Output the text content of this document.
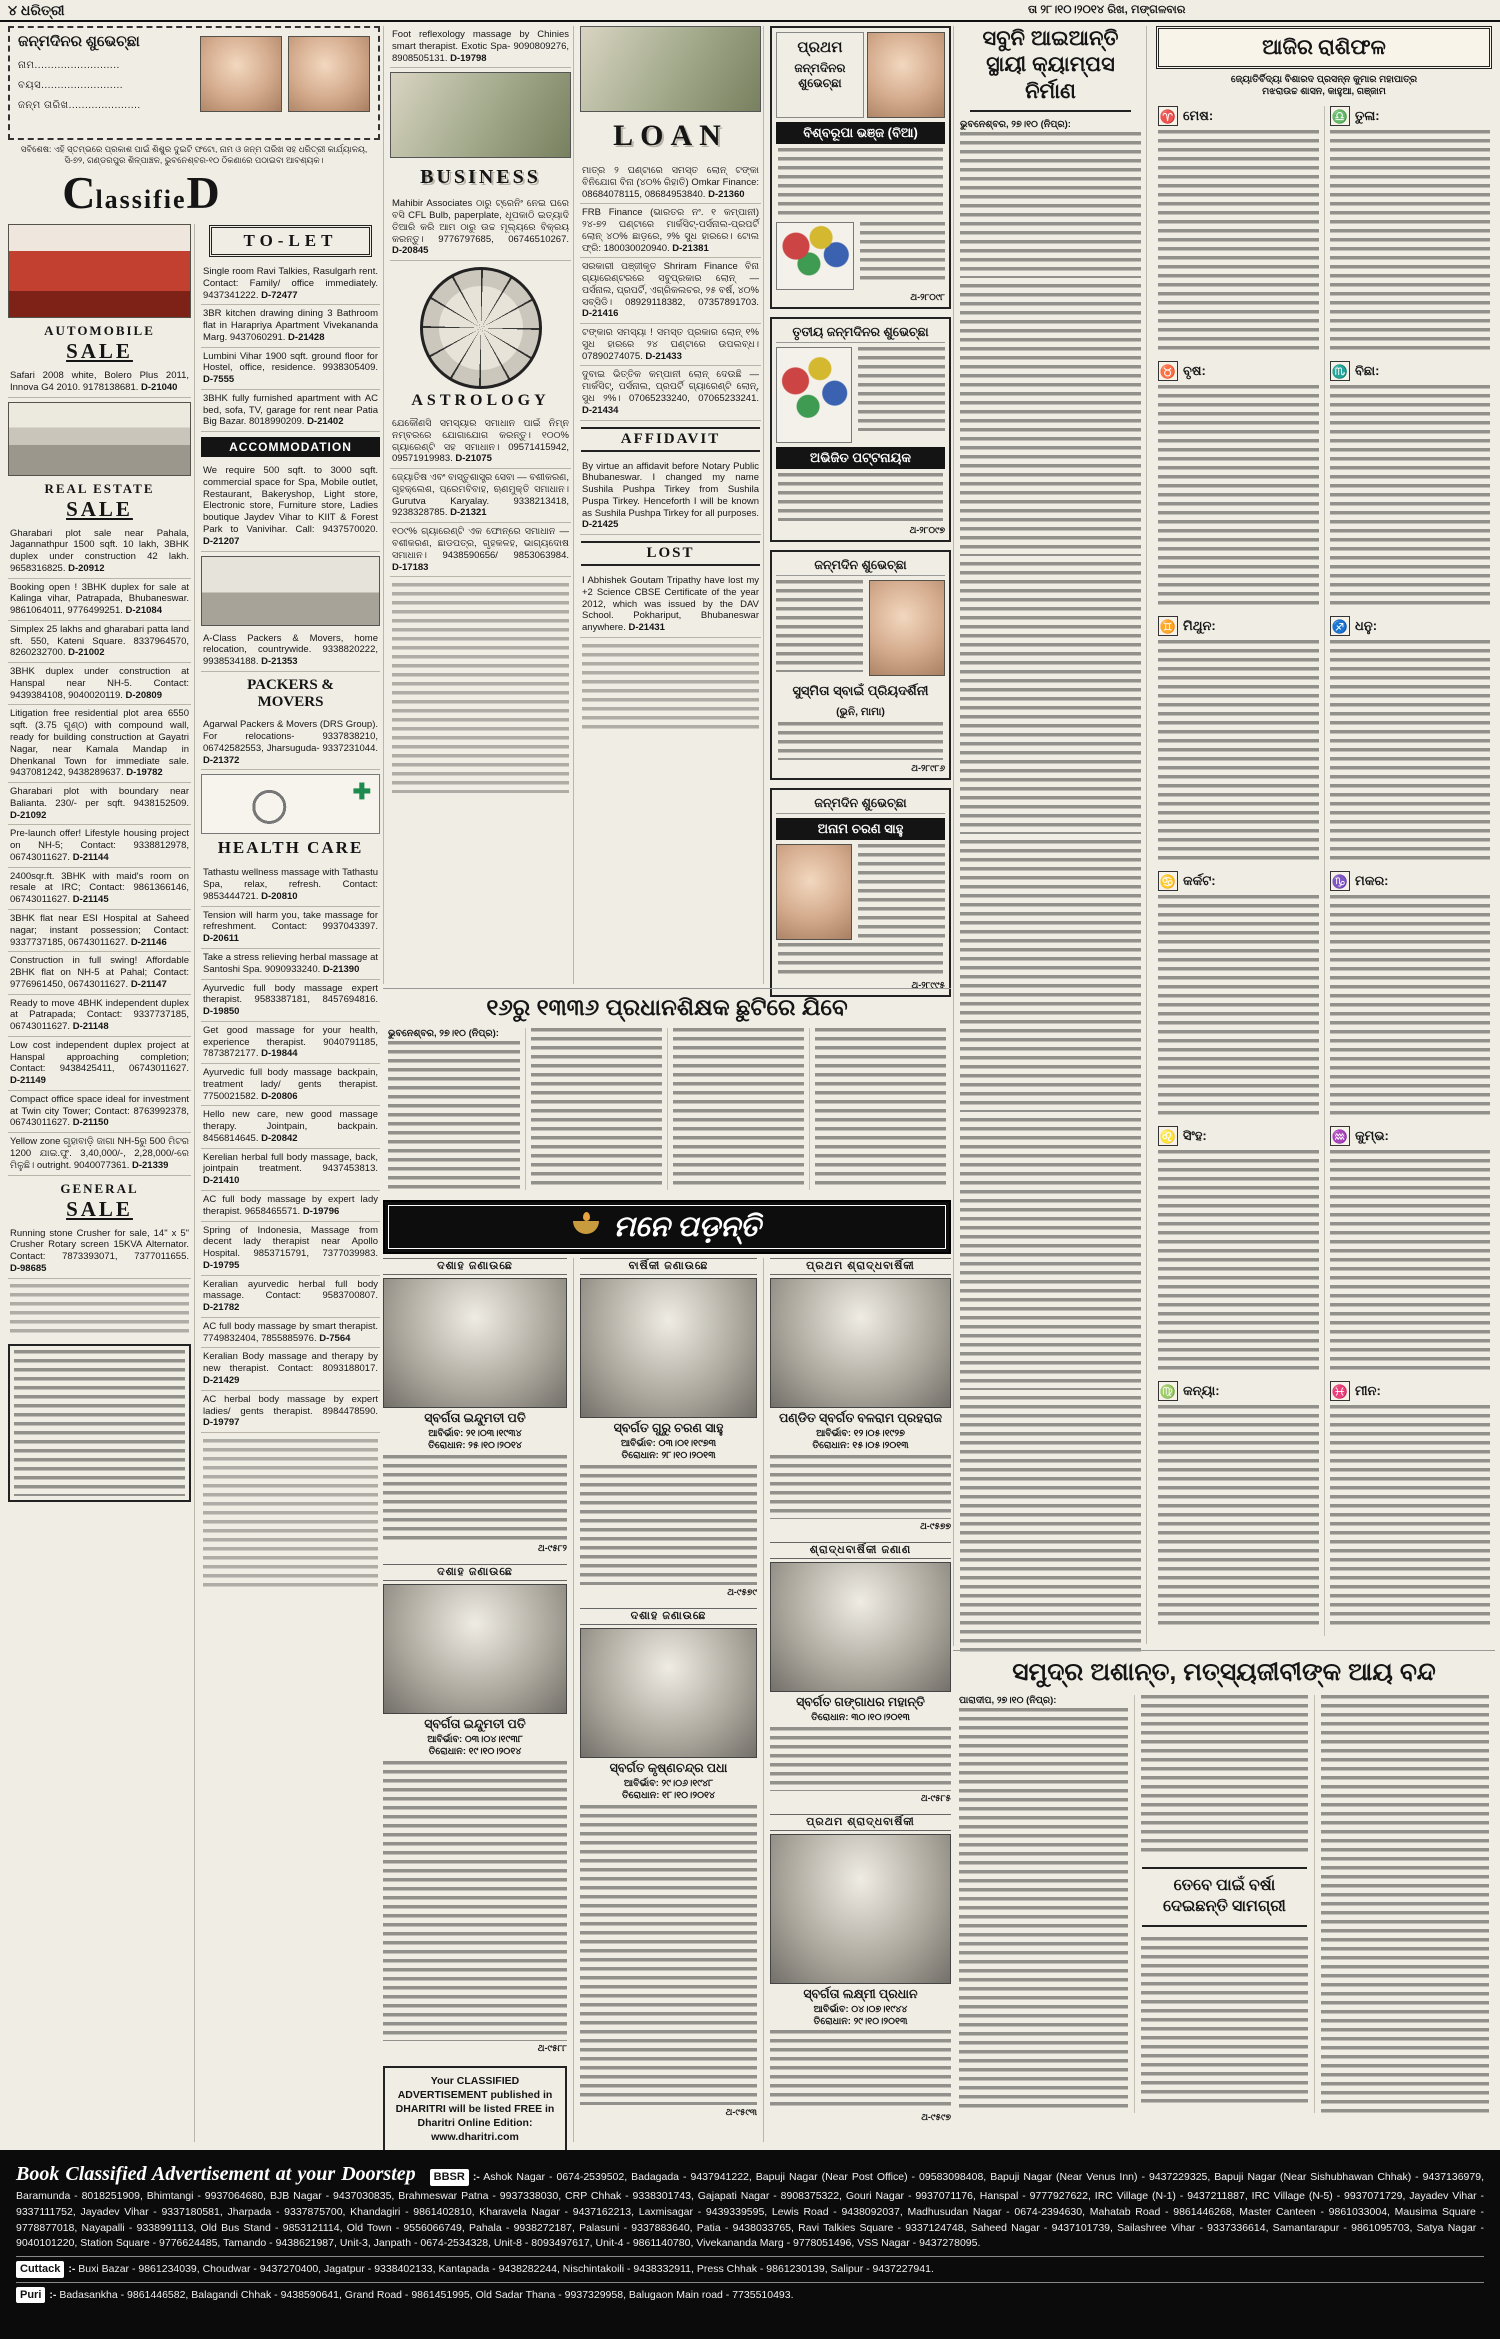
୪ ଧରିତ୍ରୀ	ତା ୨୮।୧୦।୨୦୧୪ ରିଖ, ମଙ୍ଗଳବାର
ଜନ୍ମଦିନର ଶୁଭେଚ୍ଛା
ନାମ..........................
ବୟସ.........................
ଜନ୍ମ ତାରିଖ......................
ସବିଶେଷ: ଏହି ସ୍ତମ୍ଭରେ ପ୍ରକାଶ ପାଇଁ ଶିଶୁର ଦୁଇଟି ଫଟୋ, ନାମ ଓ ଜନ୍ମ ତାରିଖ ସହ ଧରିତ୍ରୀ କାର୍ଯ୍ୟାଳୟ,
ସି-୭୨, ଗଣ୍ଡରପୁର ଶିଳ୍ପାଞ୍ଚଳ, ଭୁବନେଶ୍ବର-୧୦ ଠିକଣାରେ ପଠାଇବା ଆବଶ୍ୟକ।
C lassifie D
AUTOMOBILE
SALE

Safari 2008 white, Bolero Plus 2011, Innova G4 2010. 9178138681. D-21040

REAL ESTATE
SALE

Gharabari plot sale near Pahala, Jagannathpur 1500 sqft. 10 lakh, 3BHK duplex under construction 42 lakh. 9658316825. D-20912

Booking open ! 3BHK duplex for sale at Kalinga vihar, Patrapada, Bhubaneswar. 9861064011, 9776499251. D-21084

Simplex 25 lakhs and gharabari patta land sft. 550, Kateni Square. 8337964570, 8260232700. D-21002

3BHK duplex under construction at Hanspal near NH-5. Contact: 9439384108, 9040020119. D-20809

Litigation free residential plot area 6550 sqft. (3.75 ଗୁଣ୍ଠ) with compound wall, ready for building construction at Gayatri Nagar, near Kamala Mandap in Dhenkanal Town for immediate sale. 9437081242, 9438289637. D-19782

Gharabari plot with boundary near Balianta. 230/- per sqft. 9438152509. D-21092

Pre-launch offer! Lifestyle housing project on NH-5; Contact: 9338812978, 06743011627. D-21144

2400sqr.ft. 3BHK with maid's room on resale at IRC; Contact: 9861366146, 06743011627. D-21145

3BHK flat near ESI Hospital at Saheed nagar; instant possession; Contact: 9337737185, 06743011627. D-21146

Construction in full swing! Affordable 2BHK flat on NH-5 at Pahal; Contact: 9776961450, 06743011627. D-21147

Ready to move 4BHK independent duplex at Patrapada; Contact: 9337737185, 06743011627. D-21148

Low cost independent duplex project at Hanspal approaching completion; Contact: 9438425411, 06743011627. D-21149

Compact office space ideal for investment at Twin city Tower; Contact: 8763992378, 06743011627. D-21150

Yellow zone ଗୃହାବାଡ଼ି ଜାଗା NH-5ରୁ 500 ମିଟର 1200 ଯାଇ.ଫୁ. 3,40,000/-, 2,28,000/-ରେ ମିଳୁଛି। outright. 9040077361. D-21339

GENERAL
SALE

Running stone Crusher for sale, 14" x 5" Crusher Rotary screen 15KVA Alternator. Contact: 7873393071, 7377011655. D-98685

TO-LET

Single room Ravi Talkies, Rasulgarh rent. Contact: Family/ office immediately. 9437341222. D-72477

3BR kitchen drawing dining 3 Bathroom flat in Harapriya Apartment Vivekananda Marg. 9437060291. D-21428

Lumbini Vihar 1900 sqft. ground floor for Hostel, office, residence. 9938305409. D-7555

3BHK fully furnished apartment with AC bed, sofa, TV, garage for rent near Patia Big Bazar. 8018990209. D-21402

ACCOMMODATION

We require 500 sqft. to 3000 sqft. commercial space for Spa, Mobile outlet, Restaurant, Bakeryshop, Light store, Electronic store, Furniture store, Ladies boutique Jaydev Vihar to KIIT & Forest Park to Vanivihar. Call: 9437570020. D-21207

A-Class Packers & Movers, home relocation, countrywide. 9338820222, 9938534188. D-21353

PACKERS &
MOVERS

Agarwal Packers & Movers (DRS Group). For relocations- 9337838210, 06742582553, Jharsuguda- 9337231044. D-21372

✚
HEALTH CARE

Tathastu wellness massage with Tathastu Spa, relax, refresh. Contact: 9853444721. D-20810

Tension will harm you, take massage for refreshment. Contact: 9937043397. D-20611

Take a stress relieving herbal massage at Santoshi Spa. 9090933240. D-21390

Ayurvedic full body massage expert therapist. 9583387181, 8457694816. D-19850

Get good massage for your health, experience therapist. 9040791185, 7873872177. D-19844

Ayurvedic full body massage backpain, treatment lady/ gents therapist. 7750021582. D-20806

Hello new care, new good massage therapy. Jointpain, backpain. 8456814645. D-20842

Kerelian herbal full body massage, back, jointpain treatment. 9437453813. D-21410

AC full body massage by expert lady therapist. 9658465571. D-19796

Spring of Indonesia, Massage from decent lady therapist near Apollo Hospital. 9853715791, 7377039983. D-19795

Keralian ayurvedic herbal full body massage. Contact: 9583700807. D-21782

AC full body massage by smart therapist. 7749832404, 7855885976. D-7564

Keralian Body massage and therapy by new therapist. Contact: 8093188017. D-21429

AC herbal body massage by expert ladies/ gents therapist. 8984478590. D-19797

Foot reflexology massage by Chinies smart therapist. Exotic Spa- 9090809276, 8908505131. D-19798

BUSINESS

Mahibir Associates ଠାରୁ ଟ୍ରେନିଂ ନେଇ ଘରେ ବସି CFL Bulb, paperplate, ଧୂପକାଠି ଇତ୍ୟାଦି ତିଆରି କରି ଆମ ଠାରୁ ଉଚ୍ଚ ମୂଲ୍ୟରେ ବିକ୍ରୟ କରନ୍ତୁ। 9776797685, 06746510267. D-20845

ASTROLOGY

ଯେକୌଣସି ସମସ୍ୟାର ସମାଧାନ ପାଇଁ ନିମ୍ନ ନମ୍ବରରେ ଯୋଗାଯୋଗ କରନ୍ତୁ। ୧୦୦% ଗ୍ୟାରେଣ୍ଟି ସହ ସମାଧାନ। 09571415942, 09571919983. D-21075

ଜ୍ୟୋତିଷ ଏବଂ ବାସ୍ତୁଶାସ୍ତ୍ର ସେବା — ବଶୀକରଣ, ଗୃହକ୍ଲେଶ, ପ୍ରେମବିବାହ, ଋଣମୁକ୍ତି ସମାଧାନ। Gurutva Karyalay. 9338213418, 9238328785. D-21321

୧୦୯% ଗ୍ୟାରେଣ୍ଟି ଏକ ଫୋନ୍‌ରେ ସମାଧାନ — ବଶୀକରଣ, ଛାଡପତ୍ର, ଗୃହକଳହ, ଭାଗ୍ୟଦୋଷ ସମାଧାନ। 9438590656/ 9853063984. D-17183

LOAN

ମାତ୍ର ୨ ଘଣ୍ଟାରେ ସମସ୍ତ ଲୋନ୍ ଟଙ୍କା ବିନିଯୋଗ ବିନା (୪୦% ରିହାତି) Omkar Finance: 08684078115, 08684953840. D-21360

FRB Finance (ଭାରତର ନଂ. ୧ କମ୍ପାନୀ) ୨୪-୭୨ ଘଣ୍ଟାରେ ମାର୍କସିଟ୍-ପର୍ସନାଲ-ପ୍ରପର୍ଟି ଲୋନ୍ ୪୦% ଛାଡ଼ରେ, ୨% ସୁଧ ହାରରେ। ଟୋଲ ଫ୍ରି: 180030020940. D-21381

ସରକାରୀ ପଞ୍ଜୀକୃତ Shriram Finance ବିନା ଗ୍ୟାରେଣ୍ଟରରେ ସବୁପ୍ରକାର ଲୋନ୍ — ପର୍ସନାଲ, ପ୍ରପର୍ଟି, ଏଗ୍ରିକଲଚର, ୨୫ ବର୍ଷ, ୪୦% ସବ୍‌ସିଡି। 08929118382, 07357891703. D-21416

ଟଙ୍କାର ସମସ୍ୟା ! ସମସ୍ତ ପ୍ରକାର ଲୋନ୍ ୧% ସୁଧ ହାରରେ ୨୪ ଘଣ୍ଟାରେ ଉପଲବ୍ଧ। 07890274075. D-21433

ଦୁବାଇ ଭିତ୍ତିକ କମ୍ପାନୀ ଲୋନ୍ ଦେଉଛି — ମାର୍କସିଟ୍, ପର୍ସନାଲ, ପ୍ରପର୍ଟି ଗ୍ୟାରେଣ୍ଟି ଲୋନ୍, ସୁଧ ୨%। 07065233240, 07065233241. D-21434

AFFIDAVIT

By virtue an affidavit before Notary Public Bhubaneswar. I changed my name Sushila Pushpa Tirkey from Sushila Puspa Tirkey. Henceforth I will be known as Sushila Pushpa Tirkey for all purposes. D-21425

LOST

I Abhishek Goutam Tripathy have lost my +2 Science CBSE Certificate of the year 2012, which was issued by the DAV School. Pokhariput, Bhubaneswar anywhere. D-21431

ପ୍ରଥମ
ଜନ୍ମଦିନର ଶୁଭେଚ୍ଛା
ବିଶ୍ବରୂପା ଭଞ୍ଜ (ବିଆ)
ଥ-୨୮୦୯୮
ତୃତୀୟ ଜନ୍ମଦିନର ଶୁଭେଚ୍ଛା
ଅଭିଜିତ ପଟ୍ଟନାୟକ
ଥ-୨୮୦୯୭
ଜନ୍ମଦିନ ଶୁଭେଚ୍ଛା
ସୁସ୍ମିତା ସ୍ବାଇଁ ପ୍ରିୟଦର୍ଶିନୀ
(ଭୁନି, ମାମା)
ଥ-୨୮୯୮୬
ଜନ୍ମଦିନ ଶୁଭେଚ୍ଛା
ଅନାମ ଚରଣ ସାହୁ
ଥ-୨୮୯୯୫
ସବୁନି ଆଇଆନ୍ତି
ସ୍ଥାୟୀ କ୍ୟାମ୍ପସ ନିର୍ମାଣ
ଭୁବନେଶ୍ବର, ୨୭।୧୦ (ନିପ୍ର):
୧୬ରୁ ୧୩୩୬ ପ୍ରଧାନଶିକ୍ଷକ ଛୁଟିରେ ଯିବେ
ଭୁବନେଶ୍ବର, ୨୭।୧୦ (ନିପ୍ର):
ମନେ ପଡ଼ନ୍ତି
ଦଶାହ ଜଣାଉଛେ
ସ୍ବର୍ଗତା ଇନ୍ଦୁମତୀ ପତି
ଆବିର୍ଭାବ: ୨୧।୦୩।୧୯୩୪
ତିରୋଧାନ: ୨୫।୧୦।୨୦୧୪
ଥ-୯୫୮୨
ଦଶାହ ଜଣାଉଛେ
ସ୍ବର୍ଗତା ଇନ୍ଦୁମତୀ ପତି
ଆବିର୍ଭାବ: ୦୩।୦୪।୧୯୩୮
ତିରୋଧାନ: ୧୯।୧୦।୨୦୧୪
ଥ-୯୫୮୮
Your CLASSIFIED ADVERTISEMENT published in DHARITRI will be listed FREE in Dharitri Online Edition: www.dharitri.com
ବାର୍ଷିକୀ ଜଣାଉଛେ
ସ୍ବର୍ଗତ ଗୁରୁ ଚରଣ ସାହୁ
ଆବିର୍ଭାବ: ୦୩।୦୧।୧୯୭୩
ତିରୋଧାନ: ୨୮।୧୦।୨୦୧୩
ଥ-୯୫୭୯
ଦଶାହ ଜଣାଉଛେ
ସ୍ବର୍ଗତ କୃଷ୍ଣଚନ୍ଦ୍ର ପଧା
ଆବିର୍ଭାବ: ୨୯।୦୬।୧୯୪୮
ତିରୋଧାନ: ୧୮।୧୦।୨୦୧୪
ଥ-୯୫୯୩
ପ୍ରଥମ ଶ୍ରାଦ୍ଧବାର୍ଷିକୀ
ପଣ୍ଡିତ ସ୍ବର୍ଗତ ବଳରାମ ପ୍ରହରାଜ
ଆବିର୍ଭାବ: ୧୨।୦୫।୧୯୨୭
ତିରୋଧାନ: ୧୫।୦୫।୨୦୧୩
ଥ-୯୫୭୭
ଶ୍ରାଦ୍ଧବାର୍ଷିକୀ ଜଣାଣ
ସ୍ବର୍ଗତ ଗଙ୍ଗାଧର ମହାନ୍ତି
ତିରୋଧାନ: ୩୦।୧୦।୨୦୧୩
ଥ-୯୫୮୫
ପ୍ରଥମ ଶ୍ରାଦ୍ଧବାର୍ଷିକୀ
ସ୍ବର୍ଗତା ଲକ୍ଷ୍ମୀ ପ୍ରଧାନ
ଆବିର୍ଭାବ: ୦୪।୦୭।୧୯୪୪
ତିରୋଧାନ: ୨୯।୧୦।୨୦୧୩
ଥ-୯୫୯୭
ସମୁଦ୍ର ଅଶାନ୍ତ, ମତ୍ସ୍ୟଜୀବୀଙ୍କ ଆୟ ବନ୍ଦ
ପାରାଦୀପ, ୨୭।୧୦ (ନିପ୍ର):
ତେବେ ପାଇଁ ବର୍ଷା
ଦେଇଛନ୍ତି ସାମଗ୍ରୀ
ଆଜିର ରାଶିଫଳ
ଜ୍ୟୋତିର୍ବିଦ୍ୟା ବିଶାରଦ ପ୍ରସନ୍ନ କୁମାର ମହାପାତ୍ର
ମଝରାଉଚ୍ଚ ଶାସନ, କାହୁଆ, ଗଞ୍ଜାମ
♈ ମେଷ:
♉ ବୃଷ:
♊ ମିଥୁନ:
♋ କର୍କଟ:
♌ ସିଂହ:
♍ କନ୍ୟା:
♎ ତୁଳା:
♏ ବିଛା:
♐ ଧନୁ:
♑ ମକର:
♒ କୁମ୍ଭ:
♓ ମୀନ:
Book Classified Advertisement at your Doorstep BBSR :- Ashok Nagar - 0674-2539502, Badagada - 9437941222, Bapuji Nagar (Near Post Office) - 09583098408, Bapuji Nagar (Near Venus Inn) - 9437229325, Bapuji Nagar (Near Sishubhawan Chhak) - 9437136979, Baramunda - 8018251909, Bhimtangi - 9937064680, BJB Nagar - 9437030835, Brahmeswar Patna - 9937338030, CRP Chhak - 9338301743, Gajapati Nagar - 8908375322, Gouri Nagar - 9937071176, Hanspal - 9777927622, IRC Village (N-1) - 9437211887, IRC Village (N-5) - 9937071729, Jayadev Vihar - 9337111752, Jayadev Vihar - 9337180581, Jharpada - 9337875700, Khandagiri - 9861402810, Kharavela Nagar - 9437162213, Laxmisagar - 9439339595, Lewis Road - 9438092037, Madhusudan Nagar - 0674-2394630, Mahatab Road - 9861446268, Master Canteen - 9861033004, Mausima Square - 9778877018, Nayapalli - 9338991113, Old Bus Stand - 9853121114, Old Town - 9556066749, Pahala - 9938272187, Palasuni - 9337883640, Patia - 9438033765, Ravi Talkies Square - 9337124748, Saheed Nagar - 9437101739, Sailashree Vihar - 9337336614, Samantarapur - 9861095703, Satya Nagar - 9040101220, Station Square - 9776624485, Tamando - 9438621987, Unit-3, Janpath - 0674-2534328, Unit-8 - 8093497617, Unit-4 - 9861140780, Vivekananda Marg - 9778051496, VSS Nagar - 9437278095.
Cuttack :- Buxi Bazar - 9861234039, Choudwar - 9437270400, Jagatpur - 9338402133, Kantapada - 9438282244, Nischintakoili - 9438332911, Press Chhak - 9861230139, Salipur - 9437227941.
Puri :- Badasankha - 9861446582, Balagandi Chhak - 9438590641, Grand Road - 9861451995, Old Sadar Thana - 9937329958, Balugaon Main road - 7735510493.
